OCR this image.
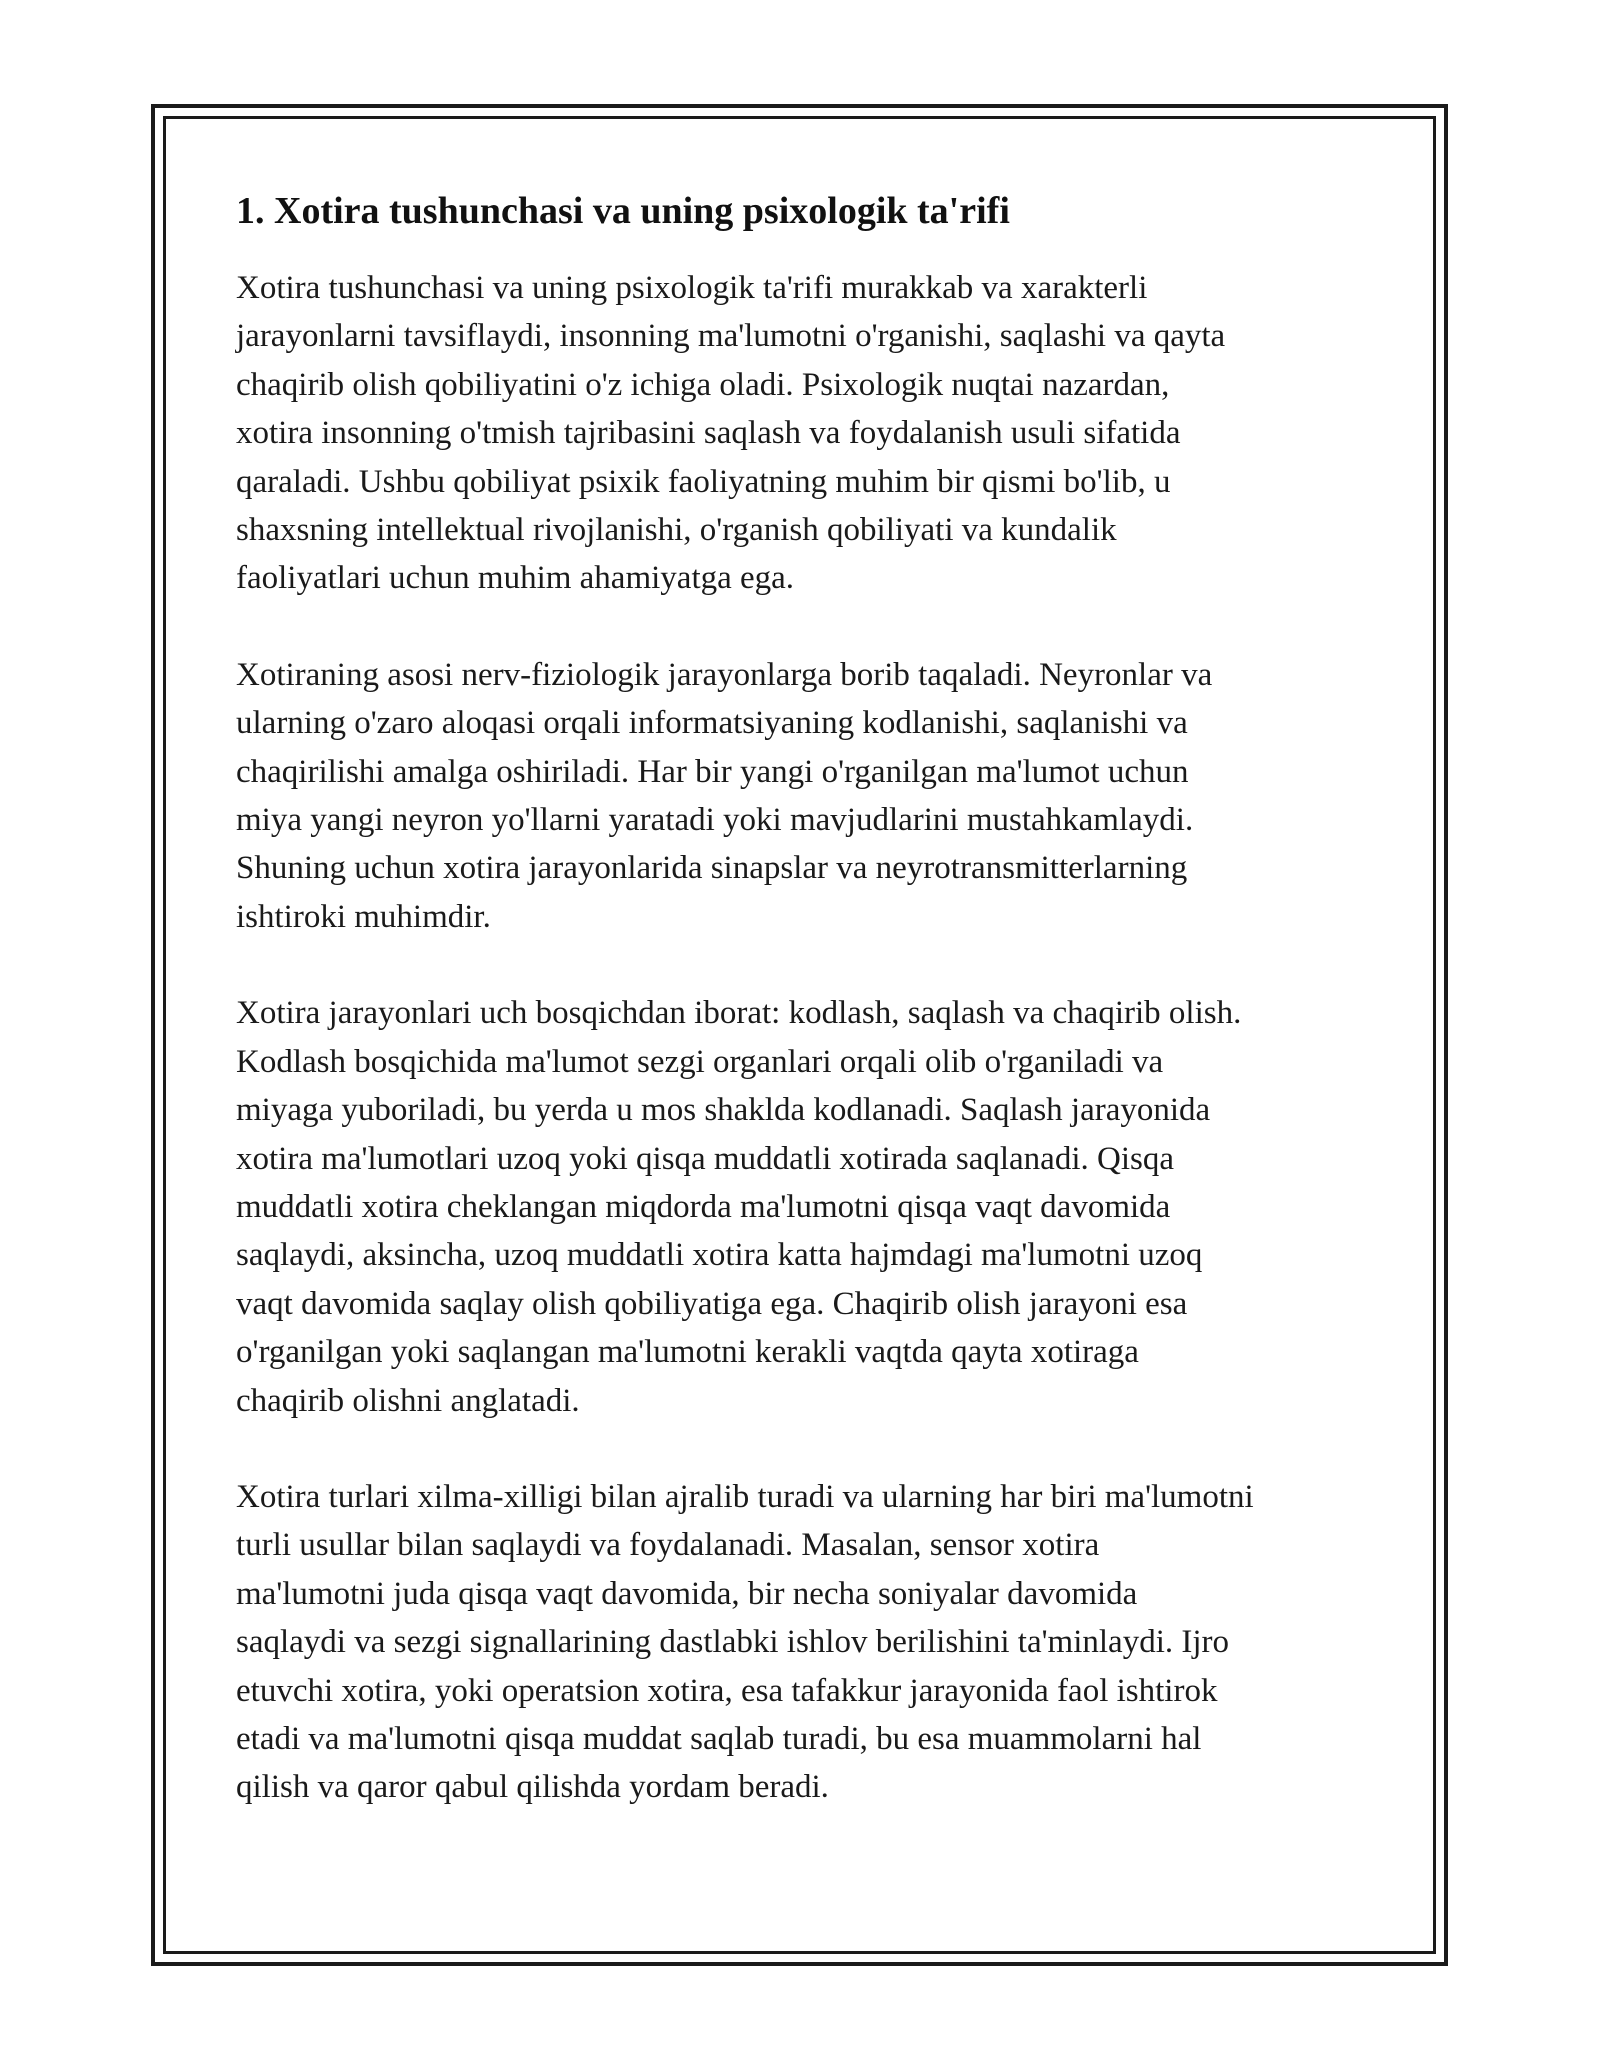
1. Xotira tushunchasi va uning psixologik ta'rifi

Xotira tushunchasi va uning psixologik ta'rifi murakkab va xarakterli
jarayonlarni tavsiflaydi, insonning ma'lumotni o'rganishi, saqlashi va qayta
chaqirib olish qobiliyatini o'z ichiga oladi. Psixologik nuqtai nazardan,
xotira insonning o'tmish tajribasini saqlash va foydalanish usuli sifatida
qaraladi. Ushbu qobiliyat psixik faoliyatning muhim bir qismi bo'lib, u
shaxsning intellektual rivojlanishi, o'rganish qobiliyati va kundalik
faoliyatlari uchun muhim ahamiyatga ega.

Xotiraning asosi nerv-fiziologik jarayonlarga borib taqaladi. Neyronlar va
ularning o'zaro aloqasi orqali informatsiyaning kodlanishi, saqlanishi va
chaqirilishi amalga oshiriladi. Har bir yangi o'rganilgan ma'lumot uchun
miya yangi neyron yo'llarni yaratadi yoki mavjudlarini mustahkamlaydi.
Shuning uchun xotira jarayonlarida sinapslar va neyrotransmitterlarning
ishtiroki muhimdir.

Xotira jarayonlari uch bosqichdan iborat: kodlash, saqlash va chaqirib olish.
Kodlash bosqichida ma'lumot sezgi organlari orqali olib o'rganiladi va
miyaga yuboriladi, bu yerda u mos shaklda kodlanadi. Saqlash jarayonida
xotira ma'lumotlari uzoq yoki qisqa muddatli xotirada saqlanadi. Qisqa
muddatli xotira cheklangan miqdorda ma'lumotni qisqa vaqt davomida
saqlaydi, aksincha, uzoq muddatli xotira katta hajmdagi ma'lumotni uzoq
vaqt davomida saqlay olish qobiliyatiga ega. Chaqirib olish jarayoni esa
o'rganilgan yoki saqlangan ma'lumotni kerakli vaqtda qayta xotiraga
chaqirib olishni anglatadi.

Xotira turlari xilma-xilligi bilan ajralib turadi va ularning har biri ma'lumotni
turli usullar bilan saqlaydi va foydalanadi. Masalan, sensor xotira
ma'lumotni juda qisqa vaqt davomida, bir necha soniyalar davomida
saqlaydi va sezgi signallarining dastlabki ishlov berilishini ta'minlaydi. Ijro
etuvchi xotira, yoki operatsion xotira, esa tafakkur jarayonida faol ishtirok
etadi va ma'lumotni qisqa muddat saqlab turadi, bu esa muammolarni hal
qilish va qaror qabul qilishda yordam beradi.
